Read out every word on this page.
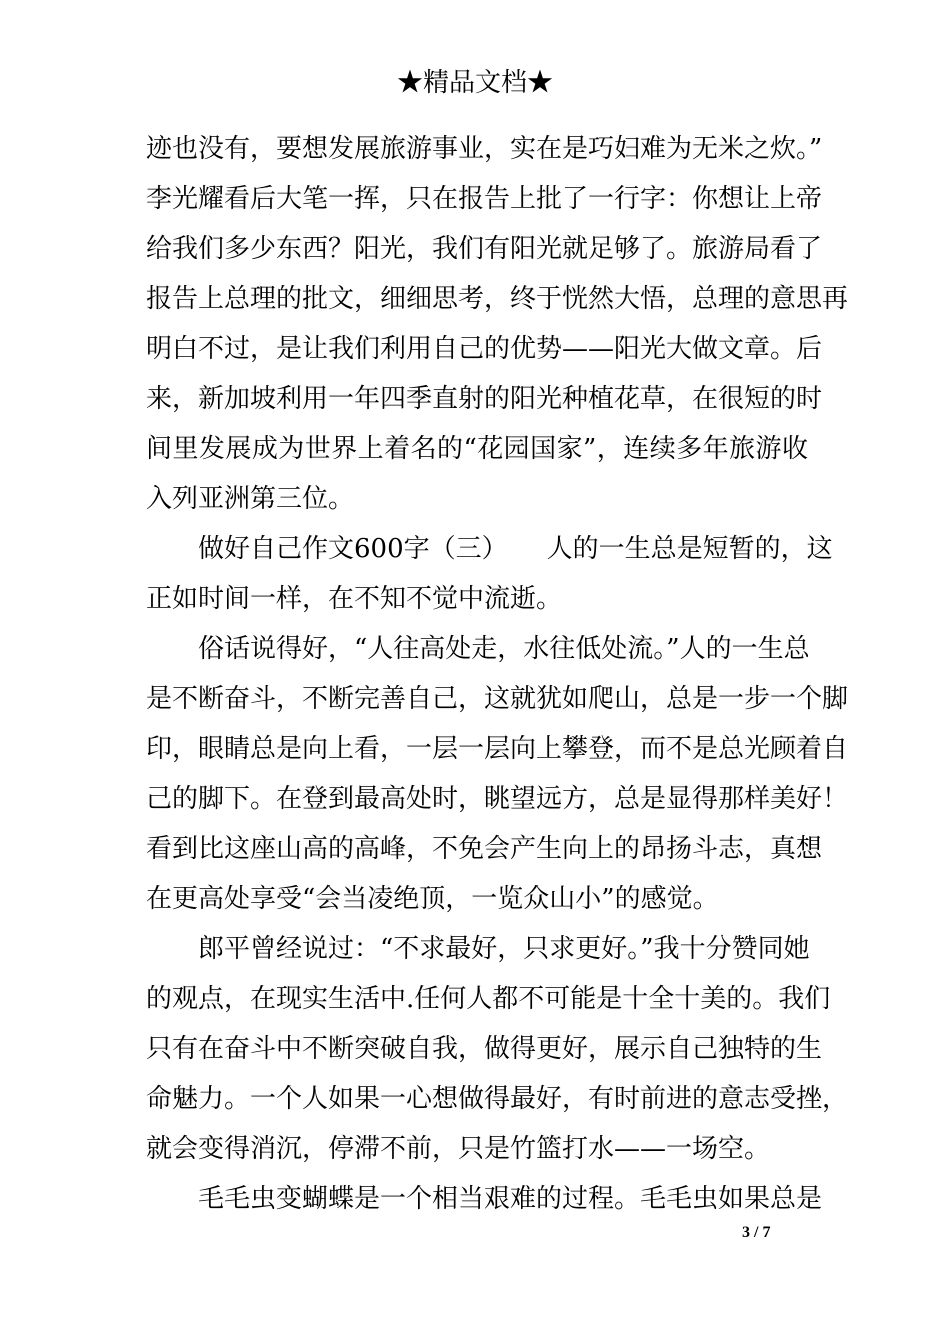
★精品文档★
迹也没有，要想发展旅游事业，实在是巧妇难为无米之炊。”
李光耀看后大笔一挥，只在报告上批了一行字：你想让上帝
给我们多少东西？阳光，我们有阳光就足够了。旅游局看了
报告上总理的批文，细细思考，终于恍然大悟，总理的意思再
明白不过，是让我们利用自己的优势——阳光大做文章。后
来，新加坡利用一年四季直射的阳光种植花草，在很短的时
间里发展成为世界上着名的“花园国家”，连续多年旅游收
入列亚洲第三位。
做好自己作文600字（三）　　人的一生总是短暂的，这
正如时间一样，在不知不觉中流逝。
俗话说得好，“人往高处走，水往低处流。”人的一生总
是不断奋斗，不断完善自己，这就犹如爬山，总是一步一个脚
印，眼睛总是向上看，一层一层向上攀登，而不是总光顾着自
己的脚下。在登到最高处时，眺望远方，总是显得那样美好！
看到比这座山高的高峰，不免会产生向上的昂扬斗志，真想
在更高处享受“会当凌绝顶，一览众山小”的感觉。
郎平曾经说过：“不求最好，只求更好。”我十分赞同她
的观点，在现实生活中.任何人都不可能是十全十美的。我们
只有在奋斗中不断突破自我，做得更好，展示自己独特的生
命魅力。一个人如果一心想做得最好，有时前进的意志受挫，
就会变得消沉，停滞不前，只是竹篮打水——一场空。
毛毛虫变蝴蝶是一个相当艰难的过程。毛毛虫如果总是
3 / 7
